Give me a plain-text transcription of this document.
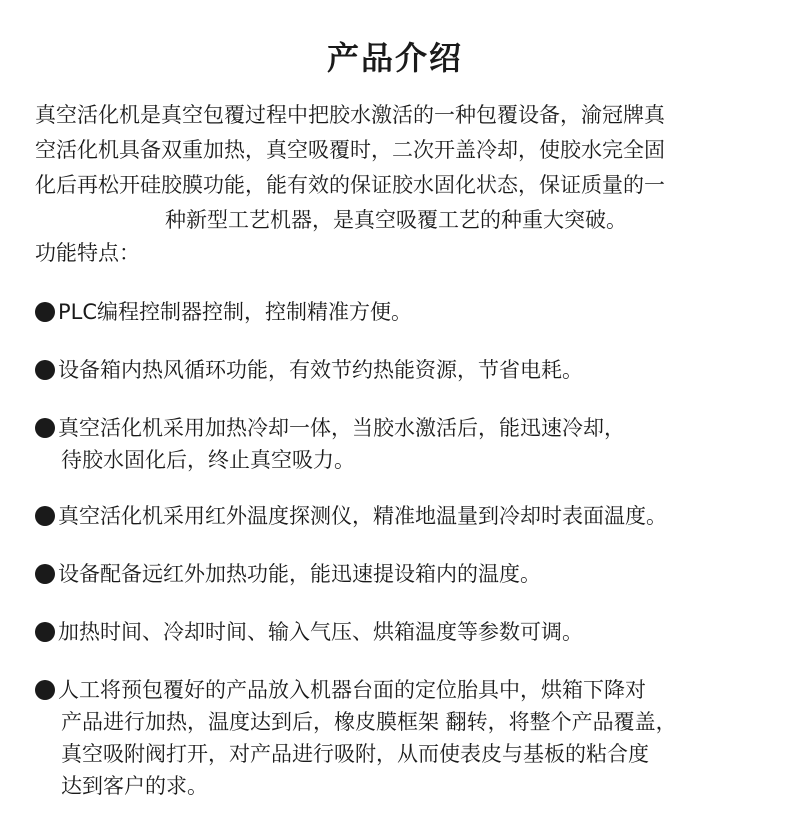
产品介绍
真空活化机是真空包覆过程中把胶水激活的一种包覆设备，渝冠牌真
空活化机具备双重加热，真空吸覆时，二次开盖冷却，使胶水完全固
化后再松开硅胶膜功能，能有效的保证胶水固化状态，保证质量的一
种新型工艺机器，是真空吸覆工艺的种重大突破。
功能特点：
PLC编程控制器控制，控制精准方便。
设备箱内热风循环功能，有效节约热能资源，节省电耗。
真空活化机采用加热冷却一体，当胶水激活后，能迅速冷却，
待胶水固化后，终止真空吸力。
真空活化机采用红外温度探测仪，精准地温量到冷却时表面温度。
设备配备远红外加热功能，能迅速提设箱内的温度。
加热时间、冷却时间、输入气压、烘箱温度等参数可调。
人工将预包覆好的产品放入机器台面的定位胎具中，烘箱下降对
产品进行加热，温度达到后，橡皮膜框架 翻转，将整个产品覆盖，
真空吸附阀打开，对产品进行吸附，从而使表皮与基板的粘合度
达到客户的求。
